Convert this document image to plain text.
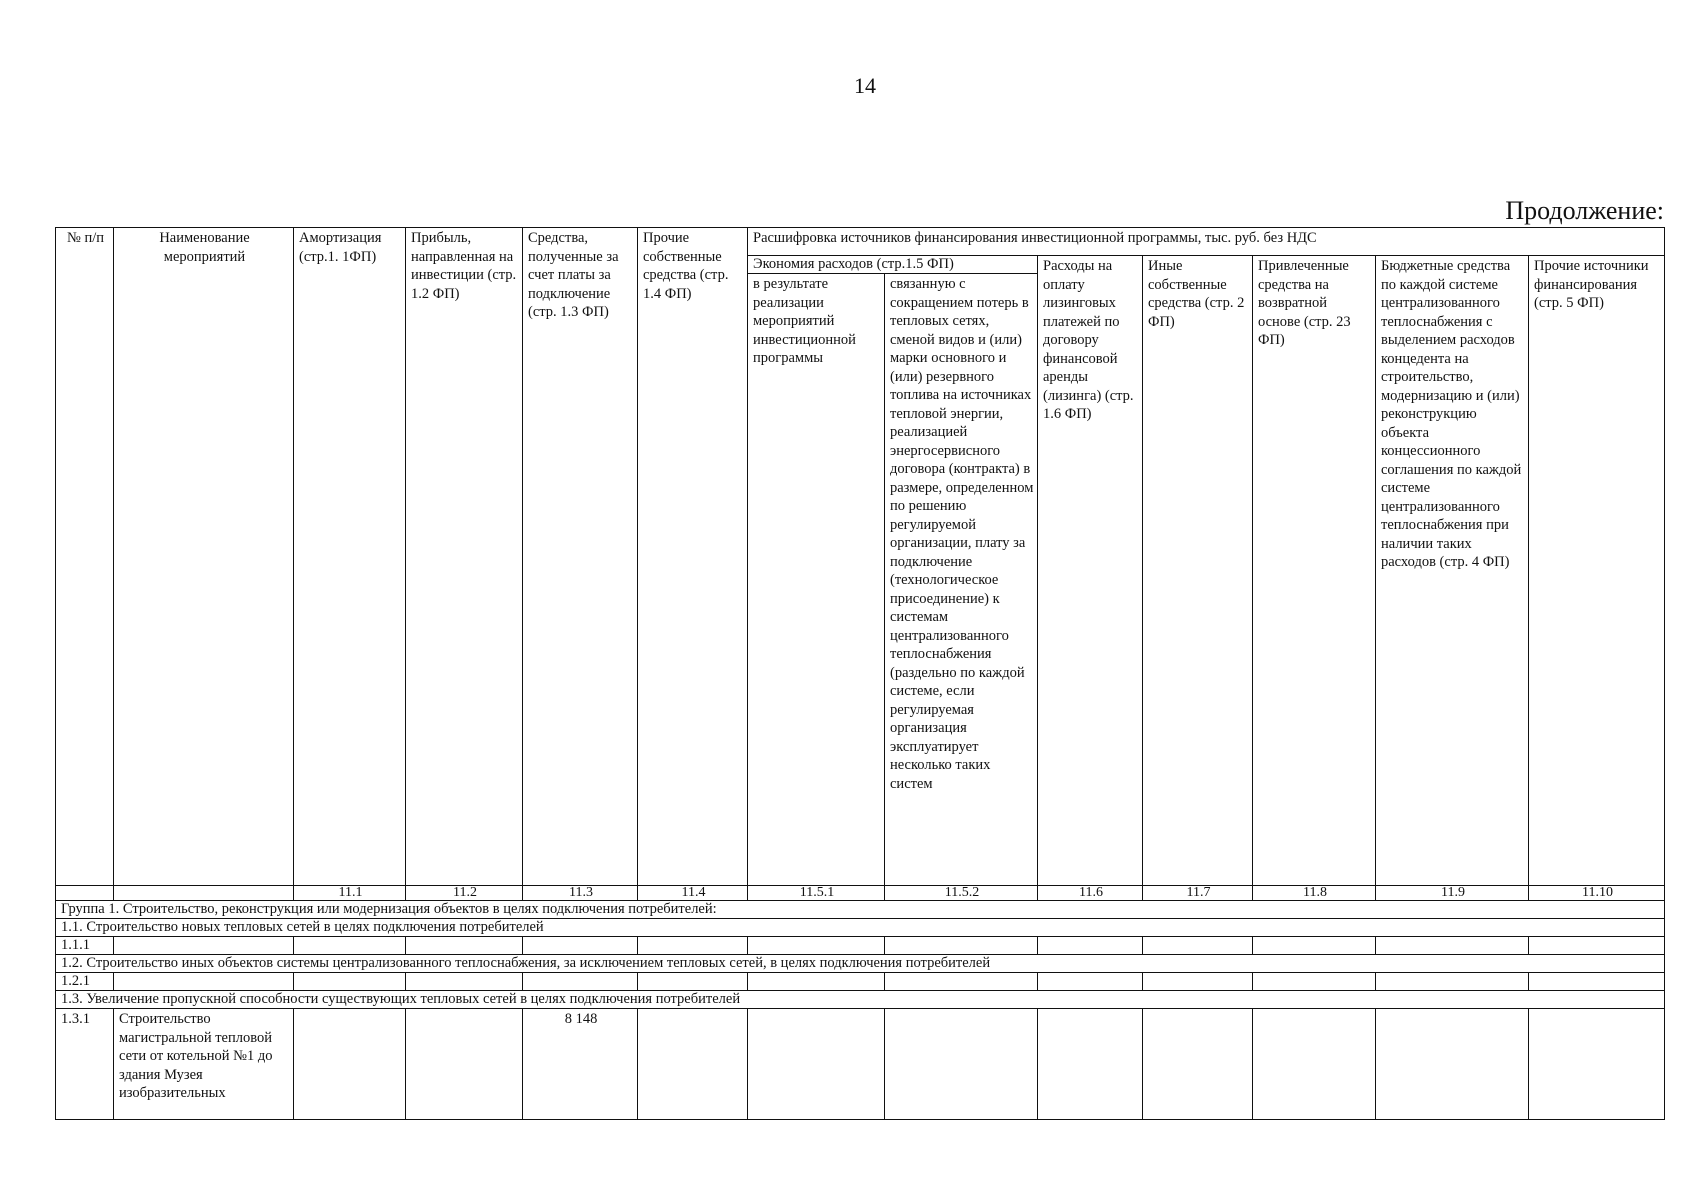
14
Продолжение:
№ п/п	Наименование мероприятий	Амортизация (стр.1. 1ФП)	Прибыль, направленная на инвестиции (стр. 1.2 ФП)	Средства, полученные за счет платы за подключение (стр. 1.3 ФП)	Прочие собственные средства (стр. 1.4 ФП)	Расшифровка источников финансирования инвестиционной программы, тыс. руб. без НДС						
						Экономия расходов (стр.1.5 ФП)		Расходы на оплату лизинговых платежей по договору финансовой аренды (лизинга) (стр. 1.6 ФП)	Иные собственные средства (стр. 2 ФП)	Привлеченные средства на возвратной основе (стр. 23 ФП)	Бюджетные средства по каждой системе централизованного теплоснабжения с выделением расходов концедента на строительство, модернизацию и (или) реконструкцию объекта концессионного соглашения по каждой системе централизованного теплоснабжения при наличии таких расходов (стр. 4 ФП)	Прочие источники финансирования (стр. 5 ФП)
						в результате реализации мероприятий инвестиционной программы	связанную с сокращением потерь в тепловых сетях, сменой видов и (или) марки основного и (или) резервного топлива на источниках тепловой энергии, реализацией энергосервисного договора (контракта) в размере, определенном по решению регулируемой организации, плату за подключение (технологическое присоединение) к системам централизованного теплоснабжения (раздельно по каждой системе, если регулируемая организация эксплуатирует несколько таких систем					
		11.1	11.2	11.3	11.4	11.5.1	11.5.2	11.6	11.7	11.8	11.9	11.10
Группа 1. Строительство, реконструкция или модернизация объектов в целях подключения потребителей:												
1.1. Строительство новых тепловых сетей в целях подключения потребителей												
1.1.1												
1.2. Строительство иных объектов системы централизованного теплоснабжения, за исключением тепловых сетей, в целях подключения потребителей												
1.2.1												
1.3. Увеличение пропускной способности существующих тепловых сетей в целях подключения потребителей												
1.3.1	Строительство магистральной тепловой сети от котельной №1 до здания Музея изобразительных			8 148								
